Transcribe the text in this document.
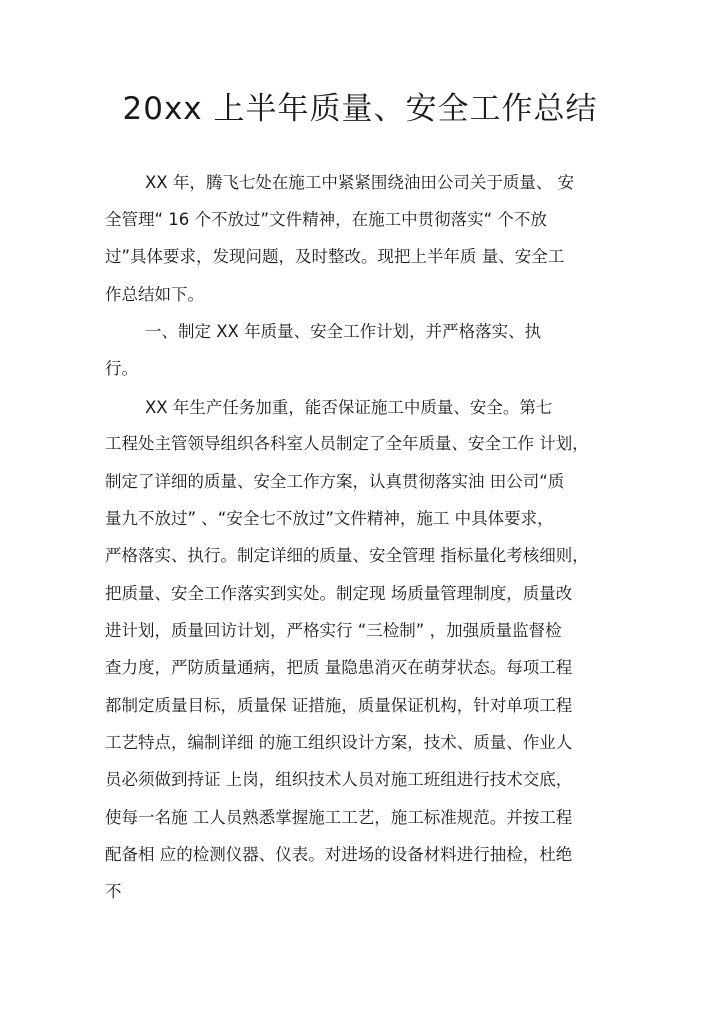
20xx 上半年质量、安全工作总结
XX 年，腾飞七处在施工中紧紧围绕油田公司关于质量、 安
全管理“ 16 个不放过”文件精神，在施工中贯彻落实“ 个不放
过”具体要求，发现问题，及时整改。现把上半年质 量、安全工
作总结如下。
一、制定 XX 年质量、安全工作计划，并严格落实、执
行。
XX 年生产任务加重，能否保证施工中质量、安全。第七
工程处主管领导组织各科室人员制定了全年质量、安全工作 计划，
制定了详细的质量、安全工作方案，认真贯彻落实油 田公司“质
量九不放过” 、“安全七不放过”文件精神，施工 中具体要求，
严格落实、执行。制定详细的质量、安全管理 指标量化考核细则，
把质量、安全工作落实到实处。制定现 场质量管理制度，质量改
进计划，质量回访计划，严格实行 “三检制” ，加强质量监督检
查力度，严防质量通病，把质 量隐患消灭在萌芽状态。每项工程
都制定质量目标，质量保 证措施，质量保证机构，针对单项工程
工艺特点，编制详细 的施工组织设计方案，技术、质量、作业人
员必须做到持证 上岗，组织技术人员对施工班组进行技术交底，
使每一名施 工人员熟悉掌握施工工艺，施工标准规范。并按工程
配备相 应的检测仪器、仪表。对进场的设备材料进行抽检，杜绝
不
